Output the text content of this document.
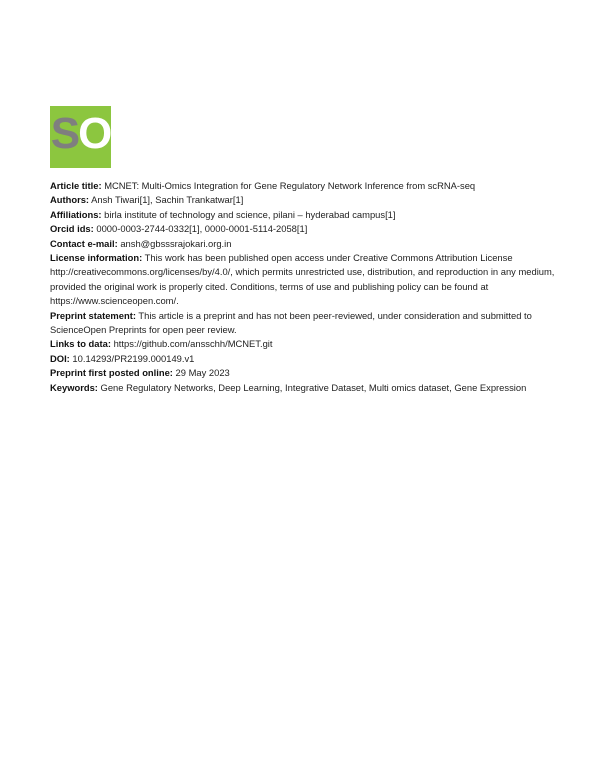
SO

Article title: MCNET: Multi-Omics Integration for Gene Regulatory Network Inference from scRNA-seq

Authors: Ansh Tiwari[1], Sachin Trankatwar[1]

Affiliations: birla institute of technology and science, pilani – hyderabad campus[1]

Orcid ids: 0000-0003-2744-0332[1], 0000-0001-5114-2058[1]

Contact e-mail: ansh@gbsssrajokari.org.in

License information: This work has been published open access under Creative Commons Attribution License http://creativecommons.org/licenses/by/4.0/, which permits unrestricted use, distribution, and reproduction in any medium, provided the original work is properly cited. Conditions, terms of use and publishing policy can be found at https://www.scienceopen.com/.

Preprint statement: This article is a preprint and has not been peer-reviewed, under consideration and submitted to ScienceOpen Preprints for open peer review.

Links to data: https://github.com/ansschh/MCNET.git

DOI: 10.14293/PR2199.000149.v1

Preprint first posted online: 29 May 2023

Keywords: Gene Regulatory Networks, Deep Learning, Integrative Dataset, Multi omics dataset, Gene Expression
